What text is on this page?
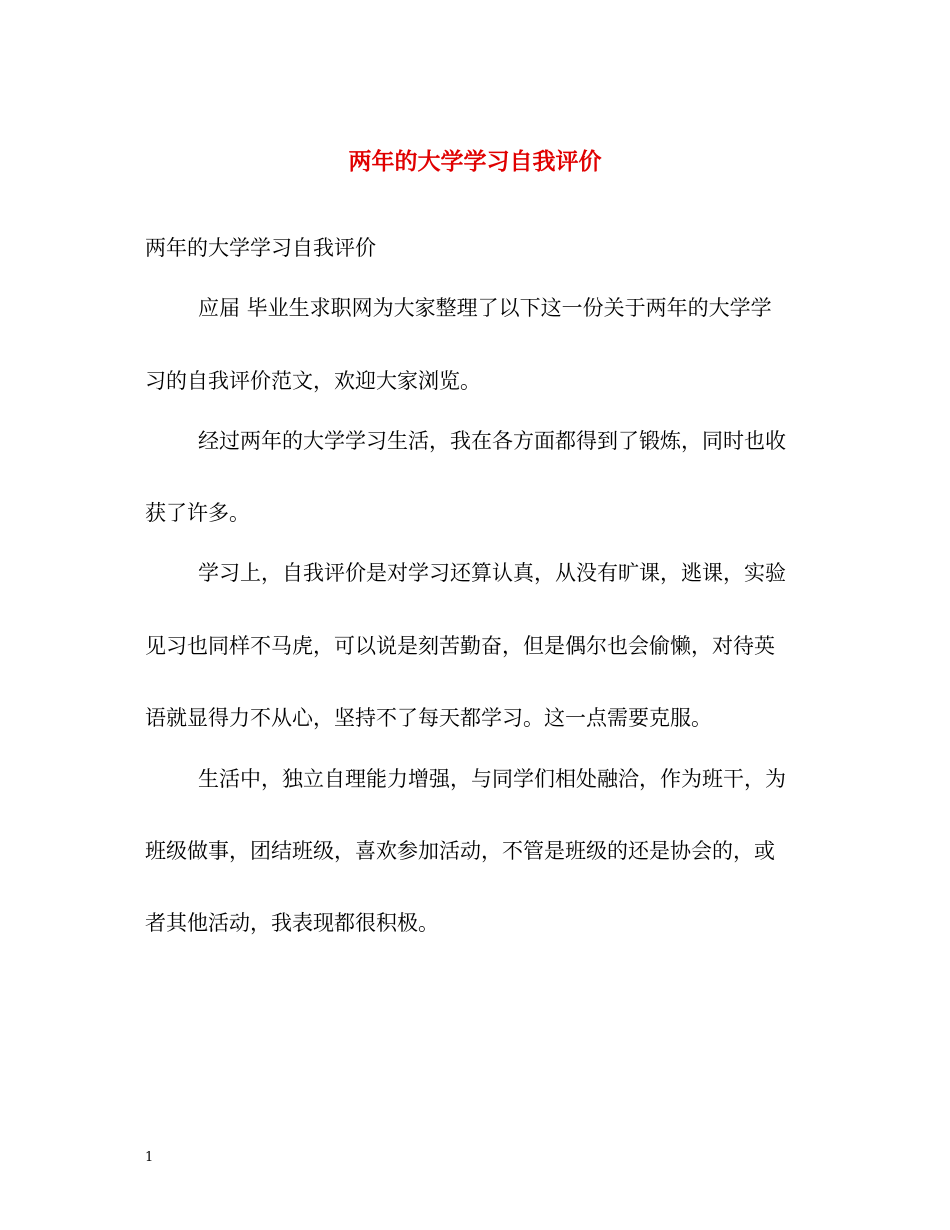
两年的大学学习自我评价

两年的大学学习自我评价

应届 毕业生求职网为大家整理了以下这一份关于两年的大学学

习的自我评价范文，欢迎大家浏览。

经过两年的大学学习生活，我在各方面都得到了锻炼，同时也收

获了许多。

学习上，自我评价是对学习还算认真，从没有旷课，逃课，实验

见习也同样不马虎，可以说是刻苦勤奋，但是偶尔也会偷懒，对待英

语就显得力不从心，坚持不了每天都学习。这一点需要克服。

生活中，独立自理能力增强，与同学们相处融洽，作为班干，为

班级做事，团结班级，喜欢参加活动，不管是班级的还是协会的，或

者其他活动，我表现都很积极。

1
